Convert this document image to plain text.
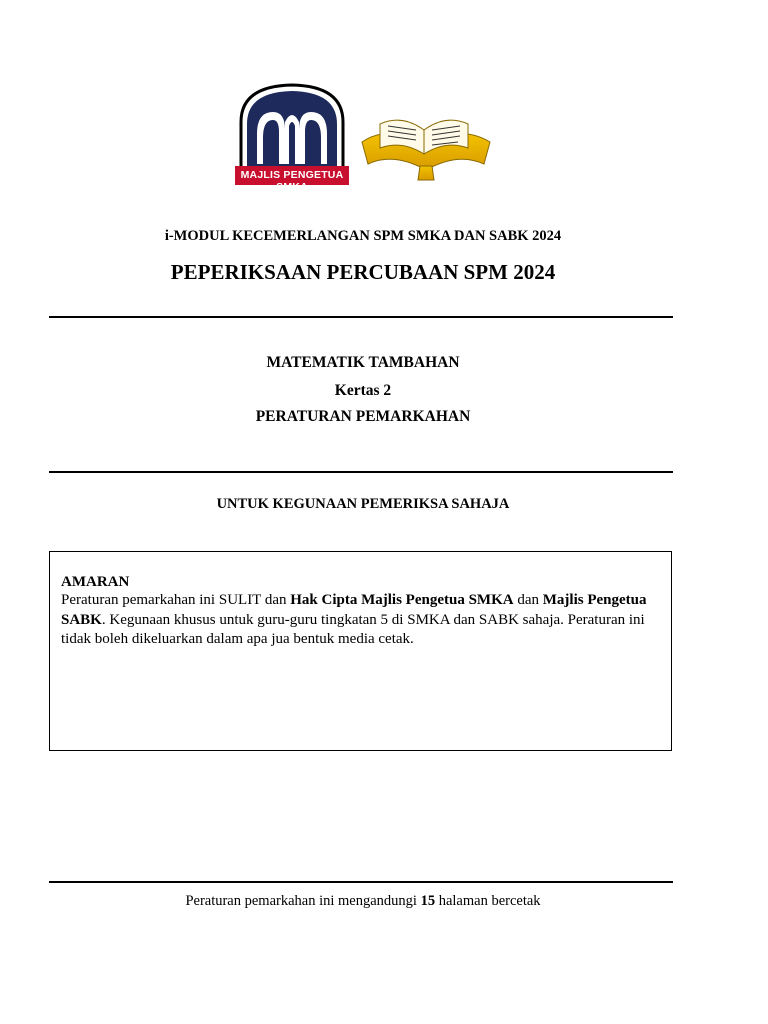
MAJLIS PENGETUA SMKA
i-MODUL KECEMERLANGAN SPM SMKA DAN SABK 2024
PEPERIKSAAN PERCUBAAN SPM 2024
MATEMATIK TAMBAHAN
Kertas 2
PERATURAN PEMARKAHAN
UNTUK KEGUNAAN PEMERIKSA SAHAJA
AMARAN
Peraturan pemarkahan ini SULIT dan Hak Cipta Majlis Pengetua SMKA dan Majlis Pengetua SABK. Kegunaan khusus untuk guru-guru tingkatan 5 di SMKA dan SABK sahaja. Peraturan ini tidak boleh dikeluarkan dalam apa jua bentuk media cetak.
Peraturan pemarkahan ini mengandungi 15 halaman bercetak
